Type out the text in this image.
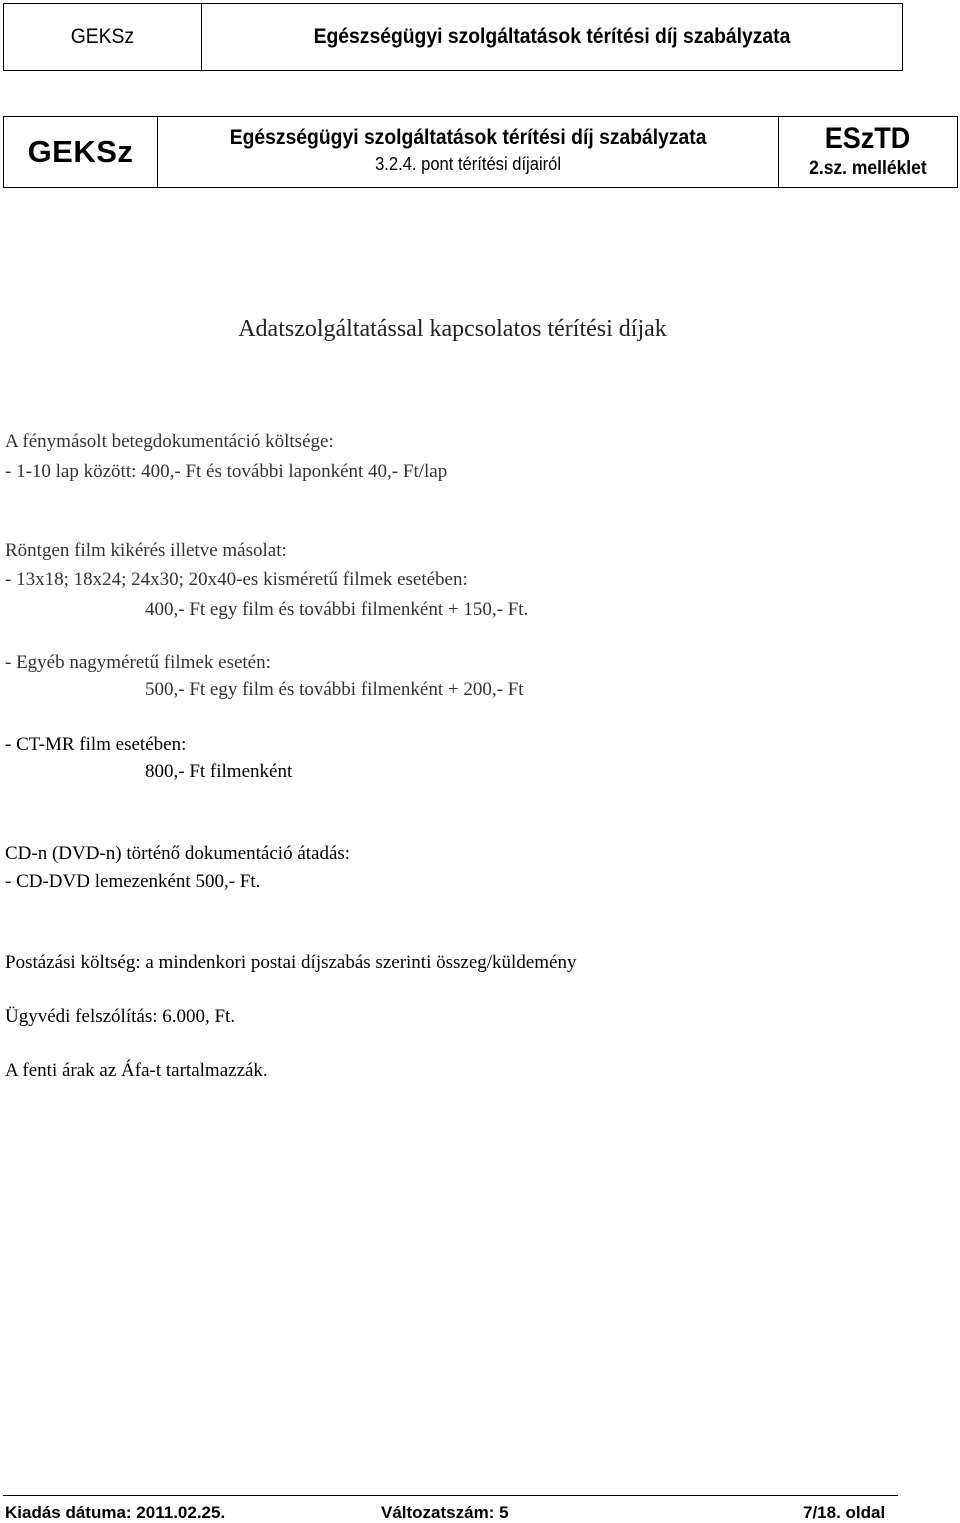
GEKSz	Egészségügyi szolgáltatások térítési díj szabályzata
GEKSz	Egészségügyi szolgáltatások térítési díj szabályzata
3.2.4. pont térítési díjairól
ESzTD
2.sz. melléklet
Adatszolgáltatással kapcsolatos térítési díjak
A fénymásolt betegdokumentáció költsége:
- 1-10 lap között: 400,- Ft és további laponként 40,- Ft/lap
Röntgen film kikérés illetve másolat:
- 13x18; 18x24; 24x30; 20x40-es kisméretű filmek esetében:
400,- Ft egy film és további filmenként + 150,- Ft.
- Egyéb nagyméretű filmek esetén:
500,- Ft egy film és további filmenként + 200,- Ft
- CT-MR film esetében:
800,- Ft filmenként
CD-n (DVD-n) történő dokumentáció átadás:
- CD-DVD lemezenként 500,- Ft.
Postázási költség: a mindenkori postai díjszabás szerinti összeg/küldemény
Ügyvédi felszólítás: 6.000, Ft.
A fenti árak az Áfa-t tartalmazzák.
Kiadás dátuma: 2011.02.25.	Változatszám: 5	7/18. oldal
